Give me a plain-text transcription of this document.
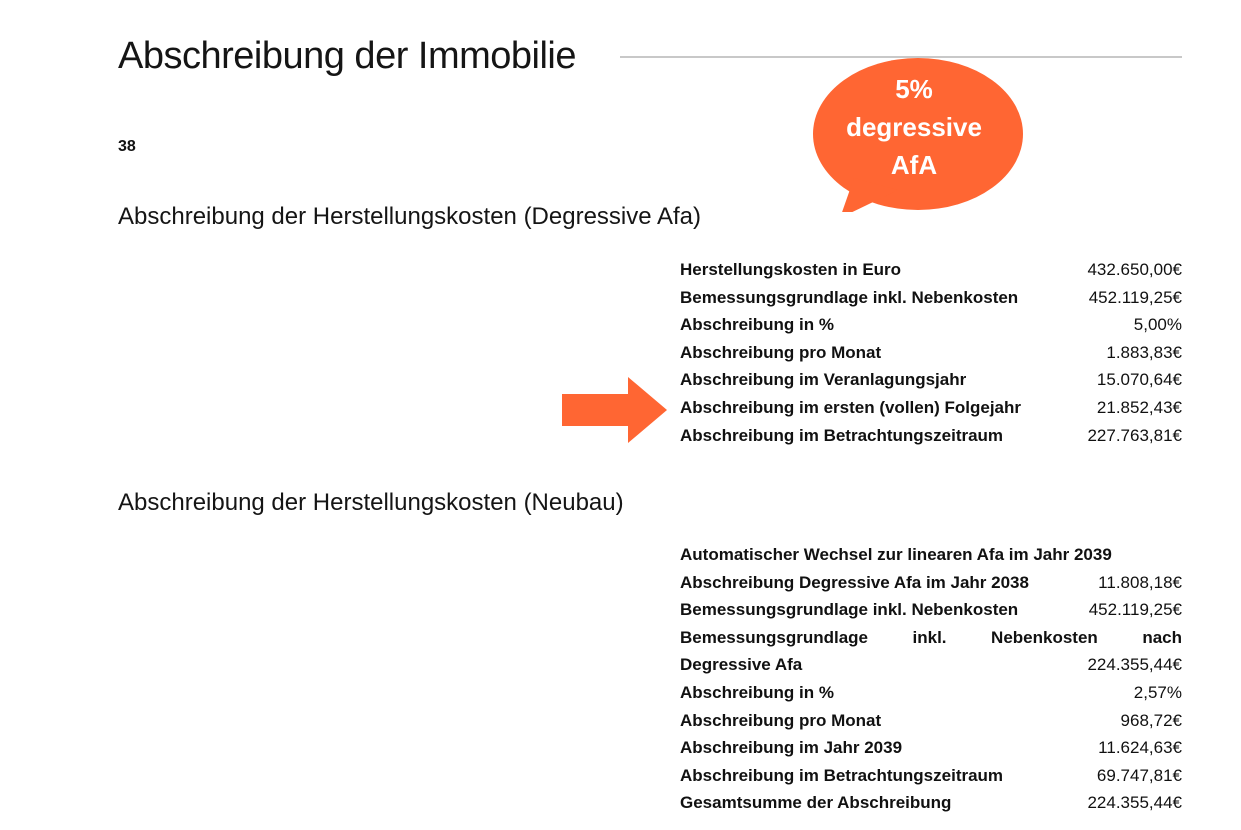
Abschreibung der Immobilie
38
5%
degressive
AfA
Abschreibung der Herstellungskosten (Degressive Afa)
Herstellungskosten in Euro	432.650,00€
Bemessungsgrundlage inkl. Nebenkosten	452.119,25€
Abschreibung in %	5,00%
Abschreibung pro Monat	1.883,83€
Abschreibung im Veranlagungsjahr	15.070,64€
Abschreibung im ersten (vollen) Folgejahr	21.852,43€
Abschreibung im Betrachtungszeitraum	227.763,81€
Abschreibung der Herstellungskosten (Neubau)
Automatischer Wechsel zur linearen Afa im Jahr 2039
Abschreibung Degressive Afa im Jahr 2038	11.808,18€
Bemessungsgrundlage inkl. Nebenkosten	452.119,25€
Bemessungsgrundlage inkl. Nebenkosten nach
Degressive Afa	224.355,44€
Abschreibung in %	2,57%
Abschreibung pro Monat	968,72€
Abschreibung im Jahr 2039	11.624,63€
Abschreibung im Betrachtungszeitraum	69.747,81€
Gesamtsumme der Abschreibung	224.355,44€
